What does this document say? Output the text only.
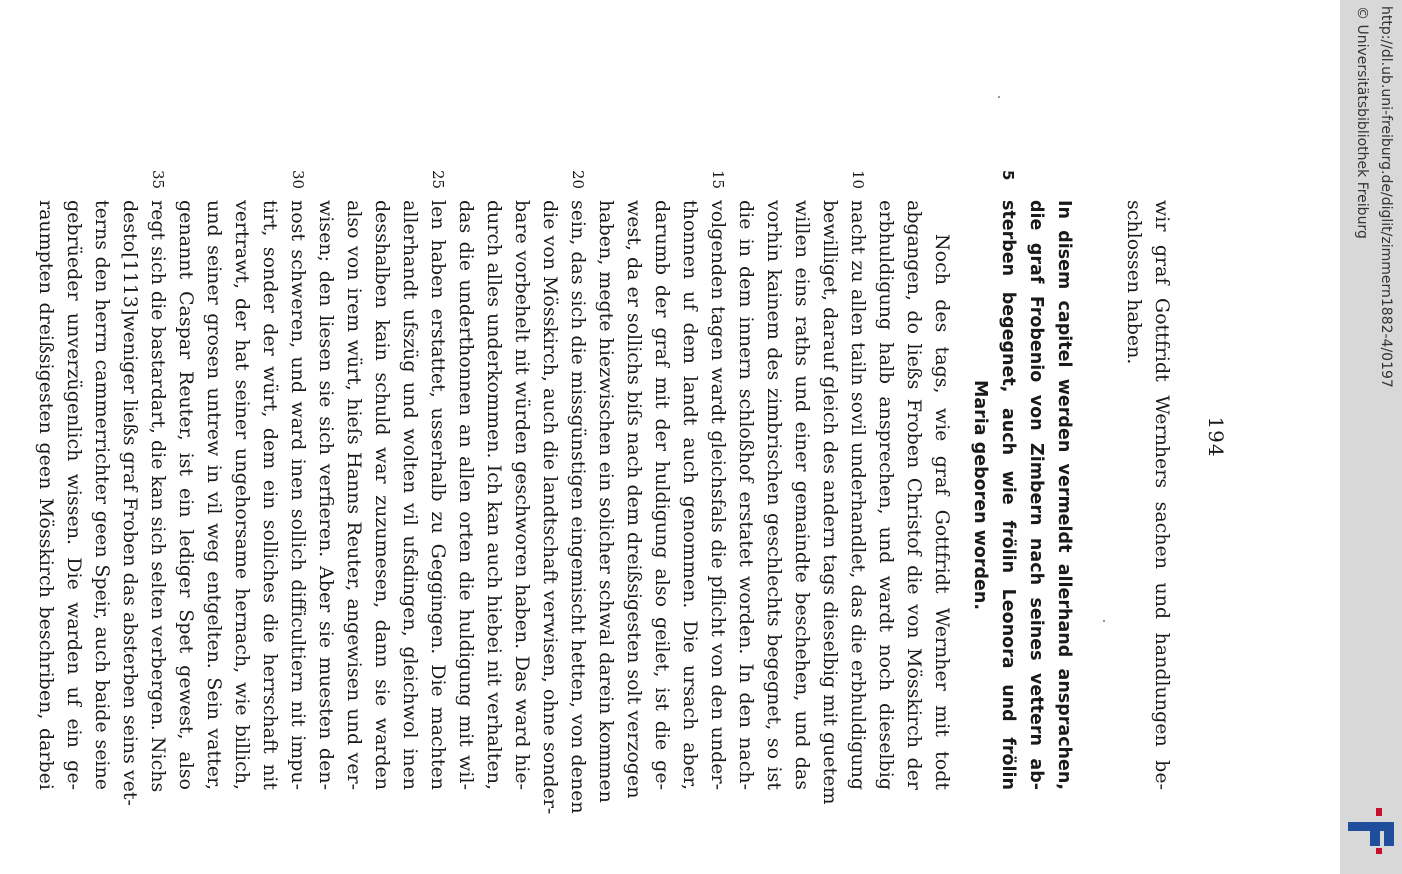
194
wir graf Gottfridt Wernhers sachen und handlungen be-
schlossen haben.
In disem capitel werden vermeldt allerhand ansprachen,
die graf Frobenio von Zimbern nach seines vettern ab-
sterben begegnet, auch wie frölin Leonora und frölin
5
Maria geboren worden.
Noch des tags, wie graf Gottfridt Wernher mit todt
abgangen, do ließs Froben Christof die von Mösskirch der
erbhuldigung halb ansprechen, und wardt noch dieselbig
nacht zu allen tailn sovil underhandlet, das die erbhuldigung
10
bewilliget, darauf gleich des andern tags dieselbig mit guetem
willen eins raths und einer gemaindte beschehen, und das
vorhin kainem des zimbrischen geschlechts begegnet, so ist
die in dem innern schloßhof erstatet worden. In den nach-
volgenden tagen wardt gleichsfals die pflicht von den under-
15
thonnen uf dem landt auch genommen. Die ursach aber,
darumb der graf mit der huldigung also geilet, ist die ge-
west, da er sollichs biſs nach dem dreißsigesten solt verzogen
haben, megte hiezwischen ein solicher schwal darein kommen
sein, das sich die missgünstigen eingemischt hetten, von denen
20
die von Mösskirch, auch die landtschaft verwisen, ohne sonder-
bare vorbehelt nit würden geschworen haben. Das ward hie-
durch alles underkommen. Ich kan auch hiebei nit verhalten,
das die underthonnen an allen orten die huldigung mit wil-
len haben erstattet, usserhalb zu Geggingen. Die machten
25
allerhandt ufszüg und wolten vil ufsdingen, gleichwol inen
desshalben kain schuld war zuzumesen, dann sie warden
also von irem würt, hieſs Hanns Reuter, angewisen und ver-
wisen; den liesen sie sich verfieren. Aber sie muesten den-
nost schweren, und ward inen sollich difficultiern nit impu-
30
tirt, sonder der würt, dem ein solliches die herrschaft nit
vertrawt, der hat seiner ungehorsame hernach, wie billich,
und seiner grosen untrew in vil weg entgelten. Sein vatter,
genannt Caspar Reuter, ist ein lediger Spet gewest, also
regt sich die bastardart, die kan sich selten verbergen. Nichs
35
desto[1113]weniger ließs graf Froben das absterben seins vet-
terns den herrn cammerrichter geen Speir, auch baide seine
gebrüeder unverzügenlich wissen. Die warden uf ein ge-
raumpten dreißsigesten geen Mösskirch beschriben, darbei
http://dl.ub.uni-freiburg.de/diglit/zimmern1882-4/0197
© Universitätsbibliothek Freiburg
